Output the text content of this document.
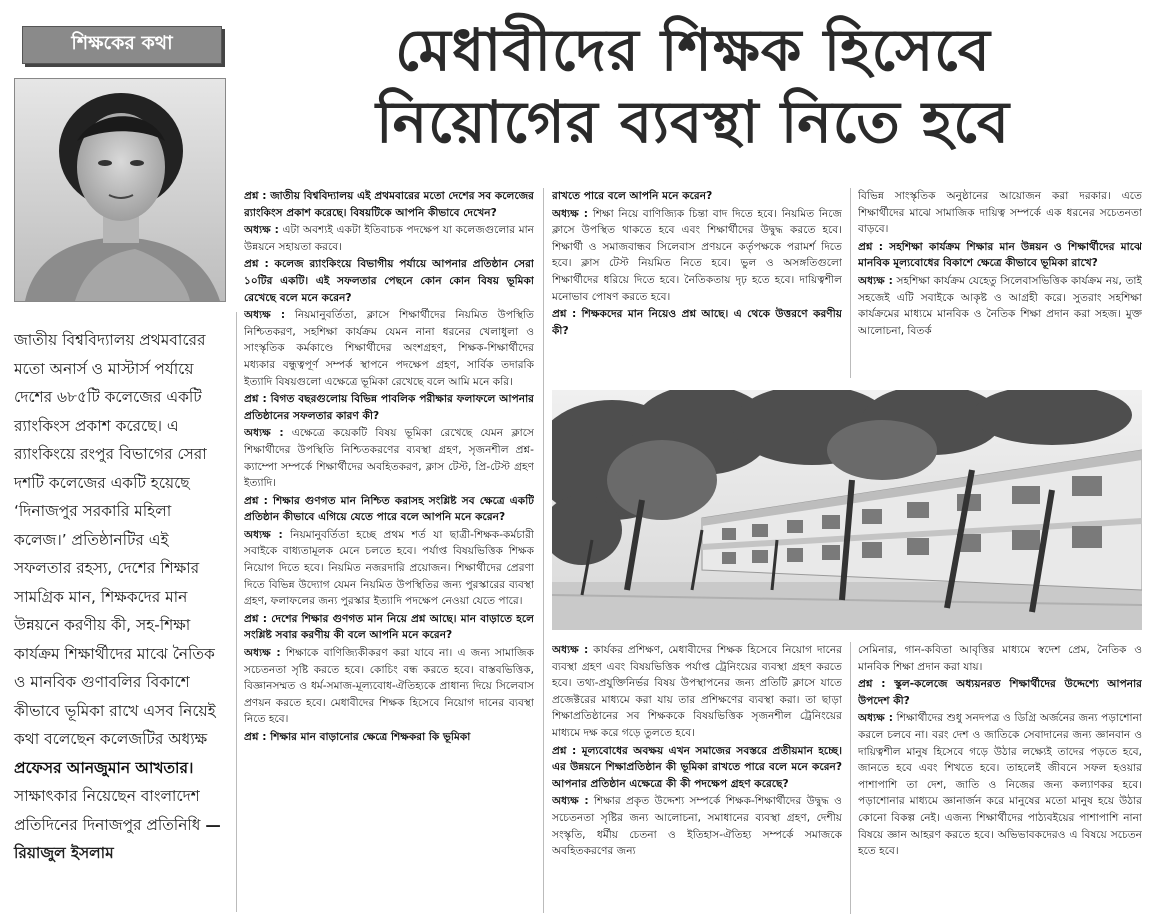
শিক্ষকের কথা	মেধাবীদের শিক্ষক হিসেবে
নিয়োগের ব্যবস্থা নিতে হবে
জাতীয় বিশ্ববিদ্যালয় প্রথমবারের মতো অনার্স ও মাস্টার্স পর্যায়ে দেশের ৬৮৫টি কলেজের একটি র‌্যাংকিংস প্রকাশ করেছে। এ র‌্যাংকিংয়ে রংপুর বিভাগের সেরা দশটি কলেজের একটি হয়েছে ‘দিনাজপুর সরকারি মহিলা কলেজ।’ প্রতিষ্ঠানটির এই সফলতার রহস্য, দেশের শিক্ষার সামগ্রিক মান, শিক্ষকদের মান উন্নয়নে করণীয় কী, সহ-শিক্ষা কার্যক্রম শিক্ষার্থীদের মাঝে নৈতিক ও মানবিক গুণাবলির বিকাশে কীভাবে ভূমিকা রাখে এসব নিয়েই কথা বলেছেন কলেজটির অধ্যক্ষ প্রফেসর আনজুমান আখতার। সাক্ষাৎকার নিয়েছেন বাংলাদেশ প্রতিদিনের দিনাজপুর প্রতিনিধি —রিয়াজুল ইসলাম

প্রশ্ন : জাতীয় বিশ্ববিদ্যালয় এই প্রথমবারের মতো দেশের সব কলেজের র‌্যাংকিংস প্রকাশ করেছে। বিষয়টিকে আপনি কীভাবে দেখেন?

অধ্যক্ষ : এটা অবশ্যই একটা ইতিবাচক পদক্ষেপ যা কলেজগুলোর মান উন্নয়নে সহায়তা করবে।

প্রশ্ন : কলেজ র‌্যাংকিংয়ে বিভাগীয় পর্যায়ে আপনার প্রতিষ্ঠান সেরা ১০টির একটি। এই সফলতার পেছনে কোন কোন বিষয় ভূমিকা রেখেছে বলে মনে করেন?

অধ্যক্ষ : নিয়মানুবর্তিতা, ক্লাসে শিক্ষার্থীদের নিয়মিত উপস্থিতি নিশ্চিতকরণ, সহশিক্ষা কার্যক্রম যেমন নানা ধরনের খেলাধুলা ও সাংস্কৃতিক কর্মকাণ্ডে শিক্ষার্থীদের অংশগ্রহণ, শিক্ষক-শিক্ষার্থীদের মধ্যকার বন্ধুত্বপূর্ণ সম্পর্ক স্থাপনে পদক্ষেপ গ্রহণ, সার্বিক তদারকি ইত্যাদি বিষয়গুলো এক্ষেত্রে ভূমিকা রেখেছে বলে আমি মনে করি।

প্রশ্ন : বিগত বছরগুলোয় বিভিন্ন পাবলিক পরীক্ষার ফলাফলে আপনার প্রতিষ্ঠানের সফলতার কারণ কী?

অধ্যক্ষ : এক্ষেত্রে কয়েকটি বিষয় ভূমিকা রেখেছে যেমন ক্লাসে শিক্ষার্থীদের উপস্থিতি নিশ্চিতকরণের ব্যবস্থা গ্রহণ, সৃজনশীল প্রশ্ন-ক্যাম্পো সম্পর্কে শিক্ষার্থীদের অবহিতকরণ, ক্লাস টেস্ট, প্রি-টেস্ট গ্রহণ ইত্যাদি।

প্রশ্ন : শিক্ষার গুণগত মান নিশ্চিত করাসহ সংশ্লিষ্ট সব ক্ষেত্রে একটি প্রতিষ্ঠান কীভাবে এগিয়ে যেতে পারে বলে আপনি মনে করেন?

অধ্যক্ষ : নিয়মানুবর্তিতা হচ্ছে প্রথম শর্ত যা ছাত্রী-শিক্ষক-কর্মচারী সবাইকে বাধ্যতামূলক মেনে চলতে হবে। পর্যাপ্ত বিষয়ভিত্তিক শিক্ষক নিয়োগ দিতে হবে। নিয়মিত নজরদারি প্রয়োজন। শিক্ষার্থীদের প্রেরণা দিতে বিভিন্ন উদ্যোগ যেমন নিয়মিত উপস্থিতির জন্য পুরস্কারের ব্যবস্থা গ্রহণ, ফলাফলের জন্য পুরস্কার ইত্যাদি পদক্ষেপ নেওয়া যেতে পারে।

প্রশ্ন : দেশের শিক্ষার গুণগত মান নিয়ে প্রশ্ন আছে। মান বাড়াতে হলে সংশ্লিষ্ট সবার করণীয় কী বলে আপনি মনে করেন?

অধ্যক্ষ : শিক্ষাকে বাণিজ্যিকীকরণ করা যাবে না। এ জন্য সামাজিক সচেতনতা সৃষ্টি করতে হবে। কোচিং বন্ধ করতে হবে। বাস্তবভিত্তিক, বিজ্ঞানসম্মত ও ধর্ম-সমাজ-মূল্যবোধ-ঐতিহ্যকে প্রাধান্য দিয়ে সিলেবাস প্রণয়ন করতে হবে। মেধাবীদের শিক্ষক হিসেবে নিয়োগ দানের ব্যবস্থা নিতে হবে।

প্রশ্ন : শিক্ষার মান বাড়ানোর ক্ষেত্রে শিক্ষকরা কি ভূমিকা

রাখতে পারে বলে আপনি মনে করেন?

অধ্যক্ষ : শিক্ষা নিয়ে বাণিজ্যিক চিন্তা বাদ দিতে হবে। নিয়মিত নিজে ক্লাসে উপস্থিত থাকতে হবে এবং শিক্ষার্থীদের উদ্বুদ্ধ করতে হবে। শিক্ষার্থী ও সমাজবান্ধব সিলেবাস প্রণয়নে কর্তৃপক্ষকে পরামর্শ দিতে হবে। ক্লাস টেস্ট নিয়মিত নিতে হবে। ভুল ও অসঙ্গতিগুলো শিক্ষার্থীদের ধরিয়ে দিতে হবে। নৈতিকতায় দৃঢ় হতে হবে। দায়িত্বশীল মনোভাব পোষণ করতে হবে।

প্রশ্ন : শিক্ষকদের মান নিয়েও প্রশ্ন আছে। এ থেকে উত্তরণে করণীয় কী?

বিভিন্ন সাংস্কৃতিক অনুষ্ঠানের আয়োজন করা দরকার। এতে শিক্ষার্থীদের মাঝে সামাজিক দায়িত্ব সম্পর্কে এক ধরনের সচেতনতা বাড়বে।

প্রশ্ন : সহশিক্ষা কার্যক্রম শিক্ষার মান উন্নয়ন ও শিক্ষার্থীদের মাঝে মানবিক মূল্যবোধের বিকাশে ক্ষেত্রে কীভাবে ভূমিকা রাখে?

অধ্যক্ষ : সহশিক্ষা কার্যক্রম যেহেতু সিলেবাসভিত্তিক কার্যক্রম নয়, তাই সহজেই এটি সবাইকে আকৃষ্ট ও আগ্রহী করে। সুতরাং সহশিক্ষা কার্যক্রমের মাধ্যমে মানবিক ও নৈতিক শিক্ষা প্রদান করা সহজ। মুক্ত আলোচনা, বিতর্ক

অধ্যক্ষ : কার্যকর প্রশিক্ষণ, মেধাবীদের শিক্ষক হিসেবে নিয়োগ দানের ব্যবস্থা গ্রহণ এবং বিষয়ভিত্তিক পর্যাপ্ত ট্রেনিংয়ের ব্যবস্থা গ্রহণ করতে হবে। তথ্য-প্রযুক্তিনির্ভর বিষয় উপস্থাপনের জন্য প্রতিটি ক্লাসে যাতে প্রজেক্টরের মাধ্যমে করা যায় তার প্রশিক্ষণের ব্যবস্থা করা। তা ছাড়া শিক্ষাপ্রতিষ্ঠানের সব শিক্ষককে বিষয়ভিত্তিক সৃজনশীল ট্রেনিংয়ের মাধ্যমে দক্ষ করে গড়ে তুলতে হবে।

প্রশ্ন : মূল্যবোধের অবক্ষয় এখন সমাজের সবস্তরে প্রতীয়মান হচ্ছে। এর উন্নয়নে শিক্ষাপ্রতিষ্ঠান কী ভূমিকা রাখতে পারে বলে মনে করেন? আপনার প্রতিষ্ঠান এক্ষেত্রে কী কী পদক্ষেপ গ্রহণ করেছে?

অধ্যক্ষ : শিক্ষার প্রকৃত উদ্দেশ্য সম্পর্কে শিক্ষক-শিক্ষার্থীদের উদ্বুদ্ধ ও সচেতনতা সৃষ্টির জন্য আলোচনা, সমাধানের ব্যবস্থা গ্রহণ, দেশীয় সংস্কৃতি, ধর্মীয় চেতনা ও ইতিহাস-ঐতিহ্য সম্পর্কে সমাজকে অবহিতকরণের জন্য

সেমিনার, গান-কবিতা আবৃত্তির মাধ্যমে স্বদেশ প্রেম, নৈতিক ও মানবিক শিক্ষা প্রদান করা যায়।

প্রশ্ন : স্কুল-কলেজে অধ্যয়নরত শিক্ষার্থীদের উদ্দেশ্যে আপনার উপদেশ কী?

অধ্যক্ষ : শিক্ষার্থীদের শুধু সনদপত্র ও ডিগ্রি অর্জনের জন্য পড়াশোনা করলে চলবে না। বরং দেশ ও জাতিকে সেবাদানের জন্য জ্ঞানবান ও দায়িত্বশীল মানুষ হিসেবে গড়ে উঠার লক্ষ্যেই তাদের পড়তে হবে, জানতে হবে এবং শিখতে হবে। তাহলেই জীবনে সফল হওয়ার পাশাপাশি তা দেশ, জাতি ও নিজের জন্য কল্যাণকর হবে। পড়াশোনার মাধ্যমে জ্ঞানার্জন করে মানুষের মতো মানুষ হয়ে উঠার কোনো বিকল্প নেই। এজন্য শিক্ষার্থীদের পাঠ্যবইয়ের পাশাপাশি নানা বিষয়ে জ্ঞান আহরণ করতে হবে। অভিভাবকদেরও এ বিষয়ে সচেতন হতে হবে।
